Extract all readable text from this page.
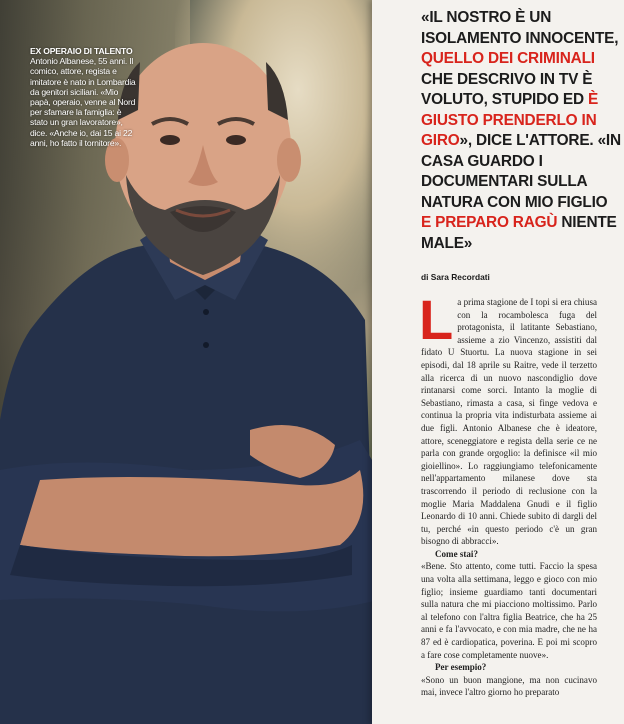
EX OPERAIO DI TALENTO
Antonio Albanese, 55 anni. Il comico, attore, regista e imitatore è nato in Lombardia da genitori siciliani. «Mio papà, operaio, venne al Nord per sfamare la famiglia: è stato un gran lavoratore», dice. «Anche io, dai 15 ai 22 anni, ho fatto il tornitore».
«IL NOSTRO È UN ISOLAMENTO INNOCENTE, QUELLO DEI CRIMINALI CHE DESCRIVO IN TV È VOLUTO, STUPIDO ED È GIUSTO PRENDERLO IN GIRO», DICE L'ATTORE. «IN CASA GUARDO I DOCUMENTARI SULLA NATURA CON MIO FIGLIO E PREPARO RAGÙ NIENTE MALE»
di Sara Recordati
L a prima stagione de I topi si era chiusa con la rocambolesca fuga del protagonista, il latitante Sebastiano, assieme a zio Vincenzo, assistiti dal fidato U Stuortu. La nuova stagione in sei episodi, dal 18 aprile su Raitre, vede il terzetto alla ricerca di un nuovo nascondiglio dove rintanarsi come sorci. Intanto la moglie di Sebastiano, rimasta a casa, si finge vedova e continua la propria vita indisturbata assieme ai due figli. Antonio Albanese che è ideatore, attore, sceneggiatore e regista della serie ce ne parla con grande orgoglio: la definisce «il mio gioiellino». Lo raggiungiamo telefonicamente nell'appartamento milanese dove sta trascorrendo il periodo di reclusione con la moglie Maria Maddalena Gnudi e il figlio Leonardo di 10 anni. Chiede subito di dargli del tu, perché «in questo periodo c'è un gran bisogno di abbracci».

Come stai?

«Bene. Sto attento, come tutti. Faccio la spesa una volta alla settimana, leggo e gioco con mio figlio; insieme guardiamo tanti documentari sulla natura che mi piacciono moltissimo. Parlo al telefono con l'altra figlia Beatrice, che ha 25 anni e fa l'avvocato, e con mia madre, che ne ha 87 ed è cardiopatica, poverina. E poi mi scopro a fare cose completamente nuove».

Per esempio?

«Sono un buon mangione, ma non cucinavo mai, invece l'altro giorno ho preparato
